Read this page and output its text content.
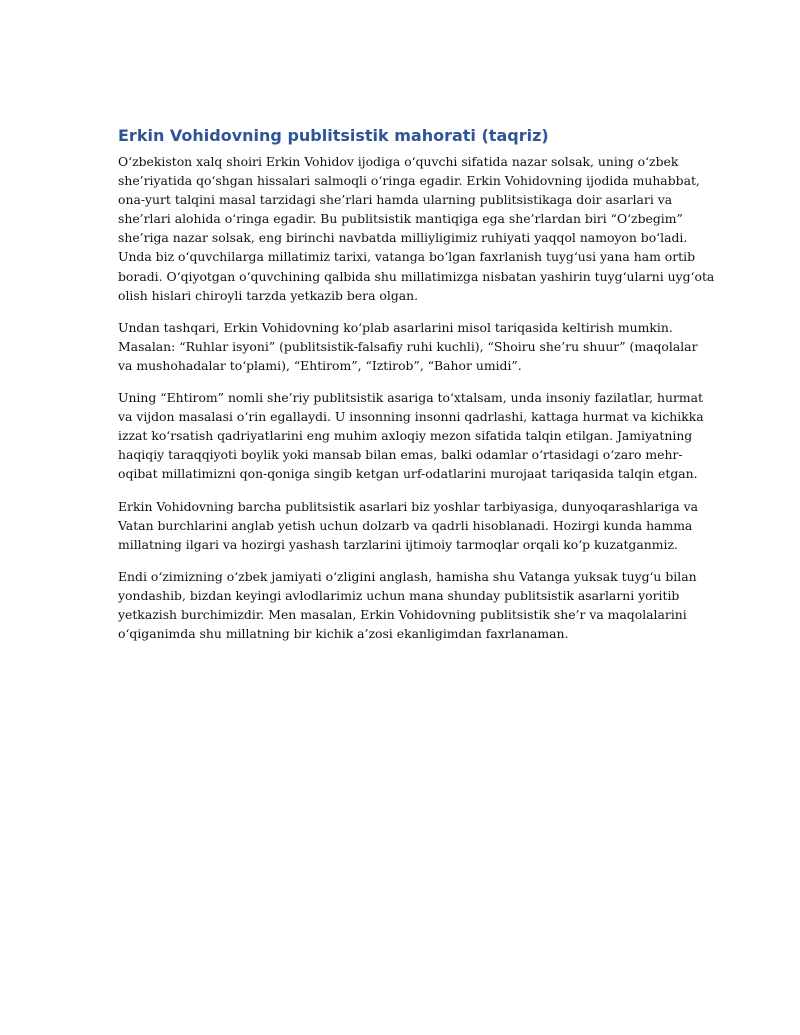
Erkin Vohidovning publitsistik mahorati (taqriz)

O‘zbekiston xalq shoiri Erkin Vohidov ijodiga o‘quvchi sifatida nazar solsak, uning o‘zbek
she’riyatida qo‘shgan hissalari salmoqli o‘ringa egadir. Erkin Vohidovning ijodida muhabbat,
ona-yurt talqini masal tarzidagi she’rlari hamda ularning publitsistikaga doir asarlari va
she’rlari alohida o‘ringa egadir. Bu publitsistik mantiqiga ega she’rlardan biri “O‘zbegim”
she’riga nazar solsak, eng birinchi navbatda milliyligimiz ruhiyati yaqqol namoyon bo‘ladi.
Unda biz o‘quvchilarga millatimiz tarixi, vatanga bo‘lgan faxrlanish tuyg‘usi yana ham ortib
boradi. O‘qiyotgan o‘quvchining qalbida shu millatimizga nisbatan yashirin tuyg‘ularni uyg‘ota
olish hislari chiroyli tarzda yetkazib bera olgan.

Undan tashqari, Erkin Vohidovning ko‘plab asarlarini misol tariqasida keltirish mumkin.
Masalan: “Ruhlar isyoni” (publitsistik-falsafiy ruhi kuchli), “Shoiru she’ru shuur” (maqolalar
va mushohadalar to‘plami), “Ehtirom”, “Iztirob”, “Bahor umidi”.

Uning “Ehtirom” nomli she’riy publitsistik asariga to‘xtalsam, unda insoniy fazilatlar, hurmat
va vijdon masalasi o‘rin egallaydi. U insonning insonni qadrlashi, kattaga hurmat va kichikka
izzat ko‘rsatish qadriyatlarini eng muhim axloqiy mezon sifatida talqin etilgan. Jamiyatning
haqiqiy taraqqiyoti boylik yoki mansab bilan emas, balki odamlar o‘rtasidagi o‘zaro mehr-
oqibat millatimizni qon-qoniga singib ketgan urf-odatlarini murojaat tariqasida talqin etgan.

Erkin Vohidovning barcha publitsistik asarlari biz yoshlar tarbiyasiga, dunyoqarashlariga va
Vatan burchlarini anglab yetish uchun dolzarb va qadrli hisoblanadi. Hozirgi kunda hamma
millatning ilgari va hozirgi yashash tarzlarini ijtimoiy tarmoqlar orqali ko‘p kuzatganmiz.

Endi o‘zimizning o‘zbek jamiyati o‘zligini anglash, hamisha shu Vatanga yuksak tuyg‘u bilan
yondashib, bizdan keyingi avlodlarimiz uchun mana shunday publitsistik asarlarni yoritib
yetkazish burchimizdir. Men masalan, Erkin Vohidovning publitsistik she’r va maqolalarini
o‘qiganimda shu millatning bir kichik a’zosi ekanligimdan faxrlanaman.
